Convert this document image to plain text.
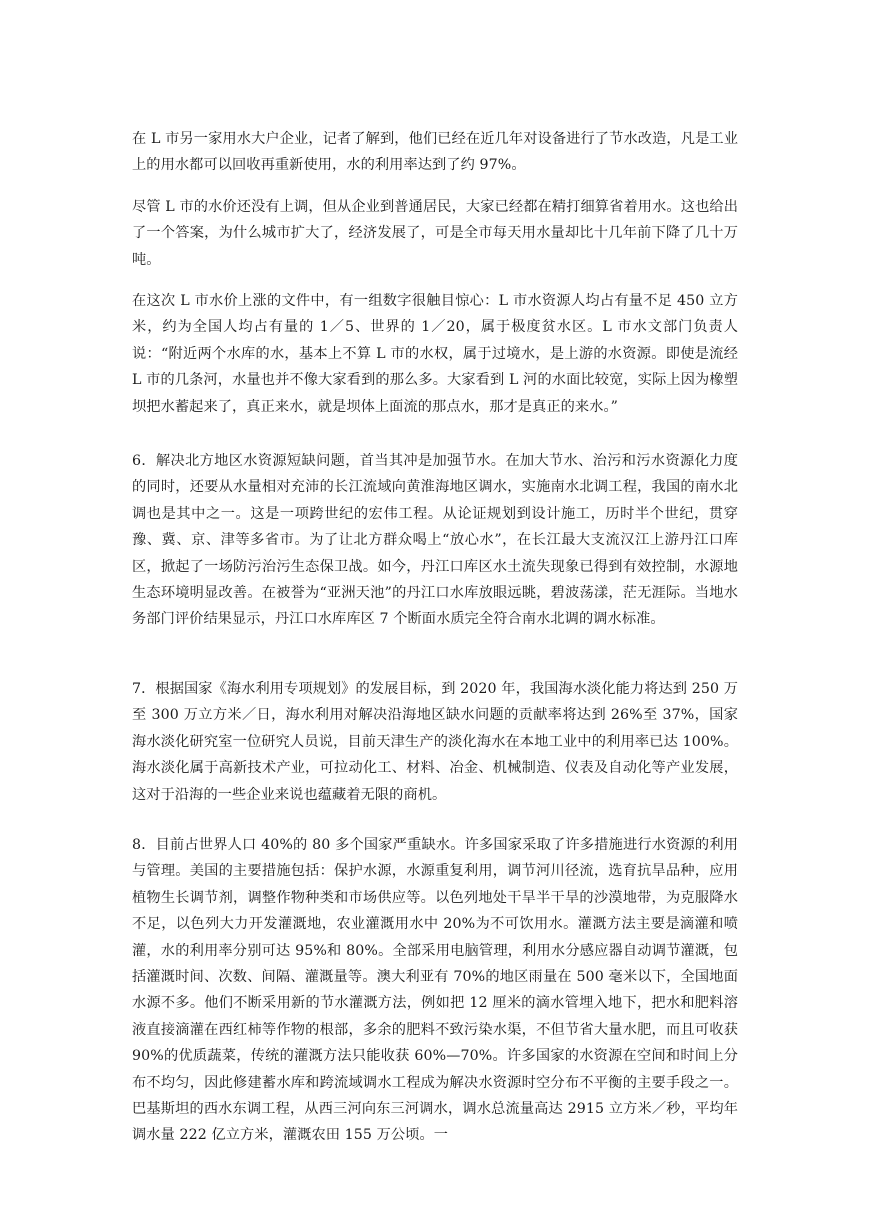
在 L 市另一家用水大户企业，记者了解到，他们已经在近几年对设备进行了节水改造，凡是工业上的用水都可以回收再重新使用，水的利用率达到了约 97%。

尽管 L 市的水价还没有上调，但从企业到普通居民，大家已经都在精打细算省着用水。这也给出了一个答案，为什么城市扩大了，经济发展了，可是全市每天用水量却比十几年前下降了几十万吨。

在这次 L 市水价上涨的文件中，有一组数字很触目惊心：L 市水资源人均占有量不足 450 立方米，约为全国人均占有量的 1／5、世界的 1／20，属于极度贫水区。L 市水文部门负责人说：“附近两个水库的水，基本上不算 L 市的水权，属于过境水，是上游的水资源。即使是流经 L 市的几条河，水量也并不像大家看到的那么多。大家看到 L 河的水面比较宽，实际上因为橡塑坝把水蓄起来了，真正来水，就是坝体上面流的那点水，那才是真正的来水。”

6．解决北方地区水资源短缺问题，首当其冲是加强节水。在加大节水、治污和污水资源化力度的同时，还要从水量相对充沛的长江流域向黄淮海地区调水，实施南水北调工程，我国的南水北调也是其中之一。这是一项跨世纪的宏伟工程。从论证规划到设计施工，历时半个世纪，贯穿豫、冀、京、津等多省市。为了让北方群众喝上“放心水”，在长江最大支流汉江上游丹江口库区，掀起了一场防污治污生态保卫战。如今，丹江口库区水土流失现象已得到有效控制，水源地生态环境明显改善。在被誉为“亚洲天池”的丹江口水库放眼远眺，碧波荡漾，茫无涯际。当地水务部门评价结果显示，丹江口水库库区 7 个断面水质完全符合南水北调的调水标准。

7．根据国家《海水利用专项规划》的发展目标，到 2020 年，我国海水淡化能力将达到 250 万至 300 万立方米／日，海水利用对解决沿海地区缺水问题的贡献率将达到 26%至 37%，国家海水淡化研究室一位研究人员说，目前天津生产的淡化海水在本地工业中的利用率已达 100%。海水淡化属于高新技术产业，可拉动化工、材料、冶金、机械制造、仪表及自动化等产业发展，这对于沿海的一些企业来说也蕴藏着无限的商机。

8．目前占世界人口 40%的 80 多个国家严重缺水。许多国家采取了许多措施进行水资源的利用与管理。美国的主要措施包括：保护水源，水源重复利用，调节河川径流，选育抗旱品种，应用植物生长调节剂，调整作物种类和市场供应等。以色列地处干旱半干旱的沙漠地带，为克服降水不足，以色列大力开发灌溉地，农业灌溉用水中 20%为不可饮用水。灌溉方法主要是滴灌和喷灌，水的利用率分别可达 95%和 80%。全部采用电脑管理，利用水分感应器自动调节灌溉，包括灌溉时间、次数、间隔、灌溉量等。澳大利亚有 70%的地区雨量在 500 毫米以下，全国地面水源不多。他们不断采用新的节水灌溉方法，例如把 12 厘米的滴水管埋入地下，把水和肥料溶液直接滴灌在西红柿等作物的根部，多余的肥料不致污染水渠，不但节省大量水肥，而且可收获 90%的优质蔬菜，传统的灌溉方法只能收获 60%—70%。许多国家的水资源在空间和时间上分布不均匀，因此修建蓄水库和跨流域调水工程成为解决水资源时空分布不平衡的主要手段之一。巴基斯坦的西水东调工程，从西三河向东三河调水，调水总流量高达 2915 立方米／秒，平均年调水量 222 亿立方米，灌溉农田 155 万公顷。一
